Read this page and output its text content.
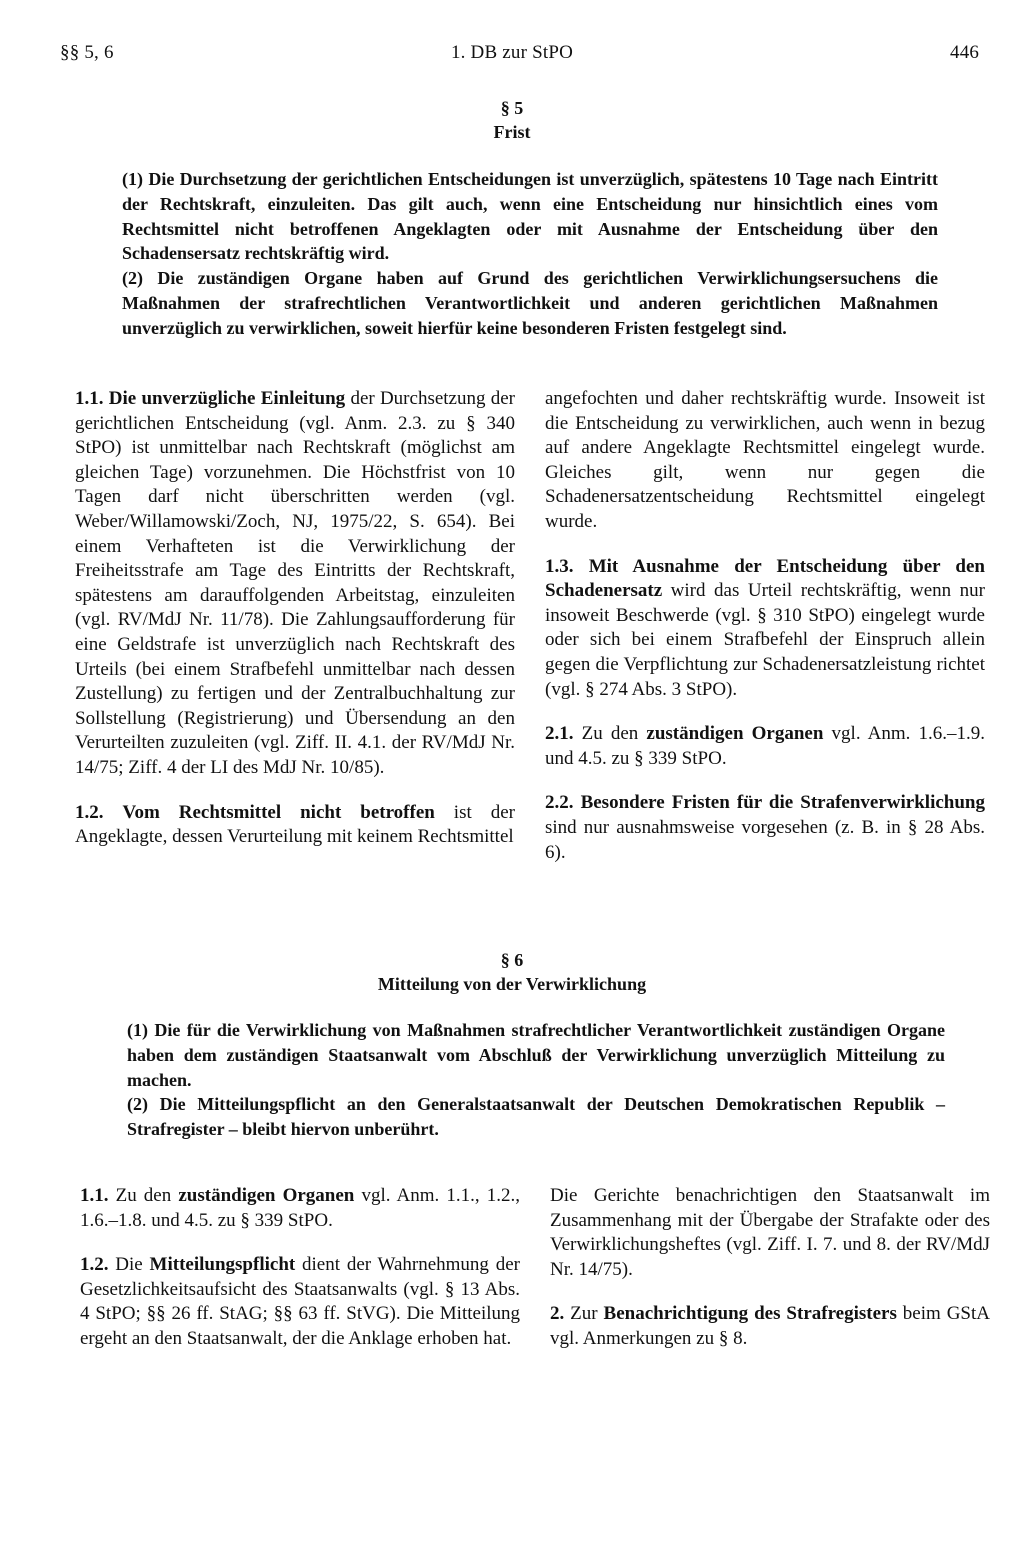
§§ 5, 6	1. DB zur StPO	446
§ 5
Frist

(1) Die Durchsetzung der gerichtlichen Entscheidungen ist unverzüglich, spätestens 10 Tage nach Eintritt der Rechtskraft, einzuleiten. Das gilt auch, wenn eine Entscheidung nur hinsichtlich eines vom Rechtsmittel nicht betroffenen Angeklagten oder mit Ausnahme der Entscheidung über den Schadensersatz rechtskräftig wird.

(2) Die zuständigen Organe haben auf Grund des gerichtlichen Verwirklichungsersuchens die Maßnahmen der strafrechtlichen Verantwortlichkeit und anderen gerichtlichen Maßnahmen unverzüglich zu verwirklichen, soweit hierfür keine besonderen Fristen festgelegt sind.

1.1. Die unverzügliche Einleitung der Durchsetzung der gerichtlichen Entscheidung (vgl. Anm. 2.3. zu § 340 StPO) ist unmittelbar nach Rechtskraft (möglichst am gleichen Tage) vorzunehmen. Die Höchstfrist von 10 Tagen darf nicht überschritten werden (vgl. Weber/Willamowski/Zoch, NJ, 1975/22, S. 654). Bei einem Verhafteten ist die Verwirklichung der Freiheitsstrafe am Tage des Eintritts der Rechtskraft, spätestens am darauffolgenden Arbeitstag, einzuleiten (vgl. RV/MdJ Nr. 11/78). Die Zahlungsaufforderung für eine Geldstrafe ist unverzüglich nach Rechtskraft des Urteils (bei einem Strafbefehl unmittelbar nach dessen Zustellung) zu fertigen und der Zentralbuchhaltung zur Sollstellung (Registrierung) und Übersendung an den Verurteilten zuzuleiten (vgl. Ziff. II. 4.1. der RV/MdJ Nr. 14/75; Ziff. 4 der LI des MdJ Nr. 10/85).

1.2. Vom Rechtsmittel nicht betroffen ist der Angeklagte, dessen Verurteilung mit keinem Rechtsmittel

angefochten und daher rechtskräftig wurde. Insoweit ist die Entscheidung zu verwirklichen, auch wenn in bezug auf andere Angeklagte Rechtsmittel eingelegt wurde. Gleiches gilt, wenn nur gegen die Schadenersatzentscheidung Rechtsmittel eingelegt wurde.

1.3. Mit Ausnahme der Entscheidung über den Schadenersatz wird das Urteil rechtskräftig, wenn nur insoweit Beschwerde (vgl. § 310 StPO) eingelegt wurde oder sich bei einem Strafbefehl der Einspruch allein gegen die Verpflichtung zur Schadenersatzleistung richtet (vgl. § 274 Abs. 3 StPO).

2.1. Zu den zuständigen Organen vgl. Anm. 1.6.–1.9. und 4.5. zu § 339 StPO.

2.2. Besondere Fristen für die Strafenverwirklichung sind nur ausnahmsweise vorgesehen (z. B. in § 28 Abs. 6).

§ 6
Mitteilung von der Verwirklichung

(1) Die für die Verwirklichung von Maßnahmen strafrechtlicher Verantwortlichkeit zuständigen Organe haben dem zuständigen Staatsanwalt vom Abschluß der Verwirklichung unverzüglich Mitteilung zu machen.

(2) Die Mitteilungspflicht an den Generalstaatsanwalt der Deutschen Demokratischen Republik – Strafregister – bleibt hiervon unberührt.

1.1. Zu den zuständigen Organen vgl. Anm. 1.1., 1.2., 1.6.–1.8. und 4.5. zu § 339 StPO.

1.2. Die Mitteilungspflicht dient der Wahrnehmung der Gesetzlichkeitsaufsicht des Staatsanwalts (vgl. § 13 Abs. 4 StPO; §§ 26 ff. StAG; §§ 63 ff. StVG). Die Mitteilung ergeht an den Staatsanwalt, der die Anklage erhoben hat.

Die Gerichte benachrichtigen den Staatsanwalt im Zusammenhang mit der Übergabe der Strafakte oder des Verwirklichungsheftes (vgl. Ziff. I. 7. und 8. der RV/MdJ Nr. 14/75).

2. Zur Benachrichtigung des Strafregisters beim GStA vgl. Anmerkungen zu § 8.
